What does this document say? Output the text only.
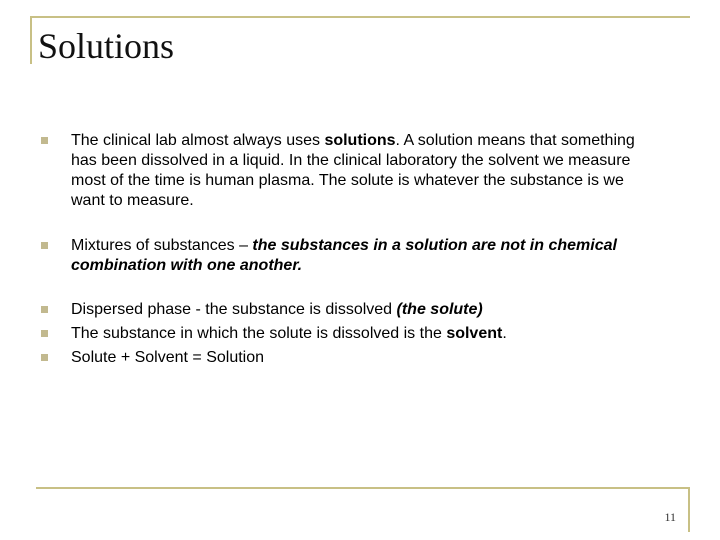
Solutions
The clinical lab almost always uses solutions. A solution means that something has been dissolved in a liquid. In the clinical laboratory the solvent we measure most of the time is human plasma. The solute is whatever the substance is we want to measure.
Mixtures of substances – the substances in a solution are not in chemical combination with one another.
Dispersed phase - the substance is dissolved (the solute)
The substance in which the solute is dissolved is the solvent.
Solute + Solvent = Solution
11
